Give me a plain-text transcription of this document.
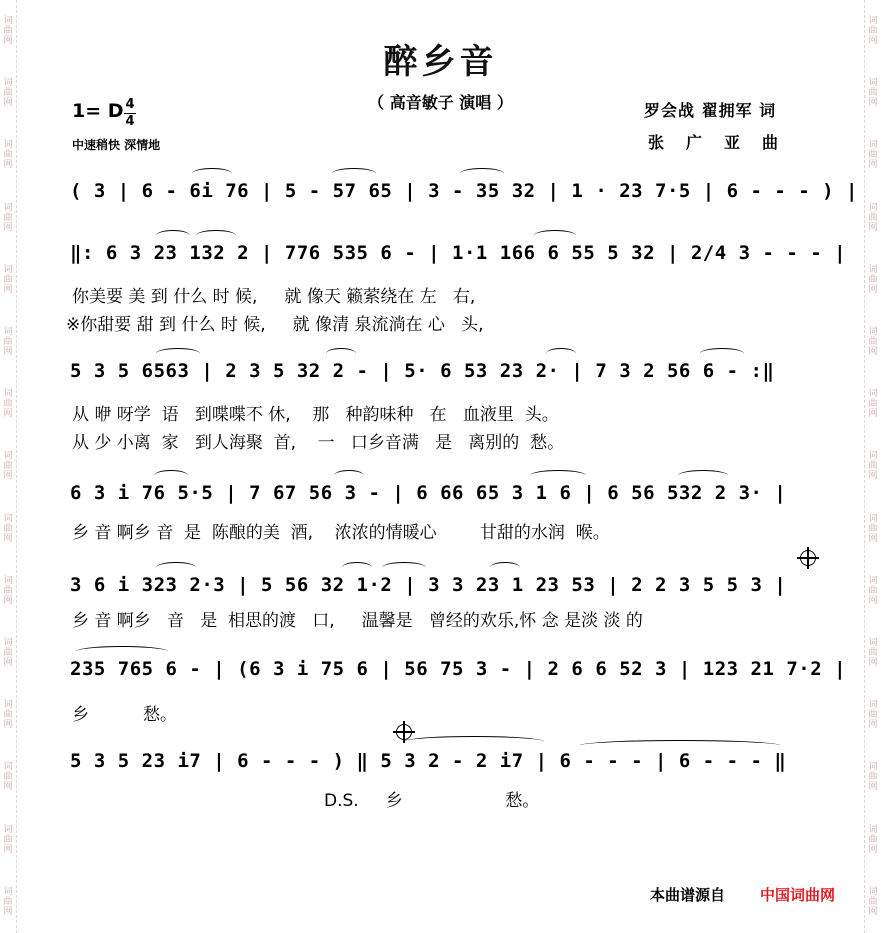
词曲网
词曲网
词曲网
词曲网
词曲网
词曲网
词曲网
词曲网
词曲网
词曲网
词曲网
词曲网
词曲网
词曲网
词曲网
词曲网
词曲网
词曲网
词曲网
词曲网
词曲网
词曲网
词曲网
词曲网
词曲网
词曲网
词曲网
词曲网
词曲网
词曲网
醉乡音
（ 高音敏子 演唱 ）
1= D 4
4
中速稍快 深情地
罗会战 翟拥军 词
张广亚曲
( 3 | 6 - 6i 76 | 5 - 57 65 | 3 - 35 32 | 1 · 23 7·5 | 6 - - - ) |
‖: 6 3 23 132 2 | 776 535 6 - | 1·1 166 6 55 5 32 | 2/4 3 - - - |
你美要 美 到 什么 时 候,     就 像天 籁萦绕在 左   右,
※你甜要 甜 到 什么 时 候,     就 像清 泉流淌在 心   头,
5 3 5 6563 | 2 3 5 32 2 - | 5· 6 53 23 2· | 7 3 2 56 6 - :‖
从 咿 呀学  语   到喋喋不 休,    那   种韵味种   在   血液里  头。
从 少 小离  家   到人海聚  首,    一   口乡音满   是   离别的  愁。
6 3 i 76 5·5 | 7 67 56 3 - | 6 66 65 3 1 6 | 6 56 532 2 3· |
乡 音 啊乡 音  是  陈酿的美  酒,    浓浓的情暖心        甘甜的水润  喉。
3 6 i 323 2·3 | 5 56 32 1·2 | 3 3 23 1 23 53 | 2 2 3 5 5 3 |
乡 音 啊乡   音   是  相思的渡   口,     温馨是   曾经的欢乐,怀 念 是淡 淡 的
235 765 6 - | (6 3 i 75 6 | 56 75 3 - | 2 6 6 52 3 | 123 21 7·2 |
乡          愁。
5 3 5 23 i7 | 6 - - - ) ‖ 5 3 2 - 2 i7 | 6 - - - | 6 - - - ‖
D.S.     乡                   愁。
本曲谱源自 中国词曲网
